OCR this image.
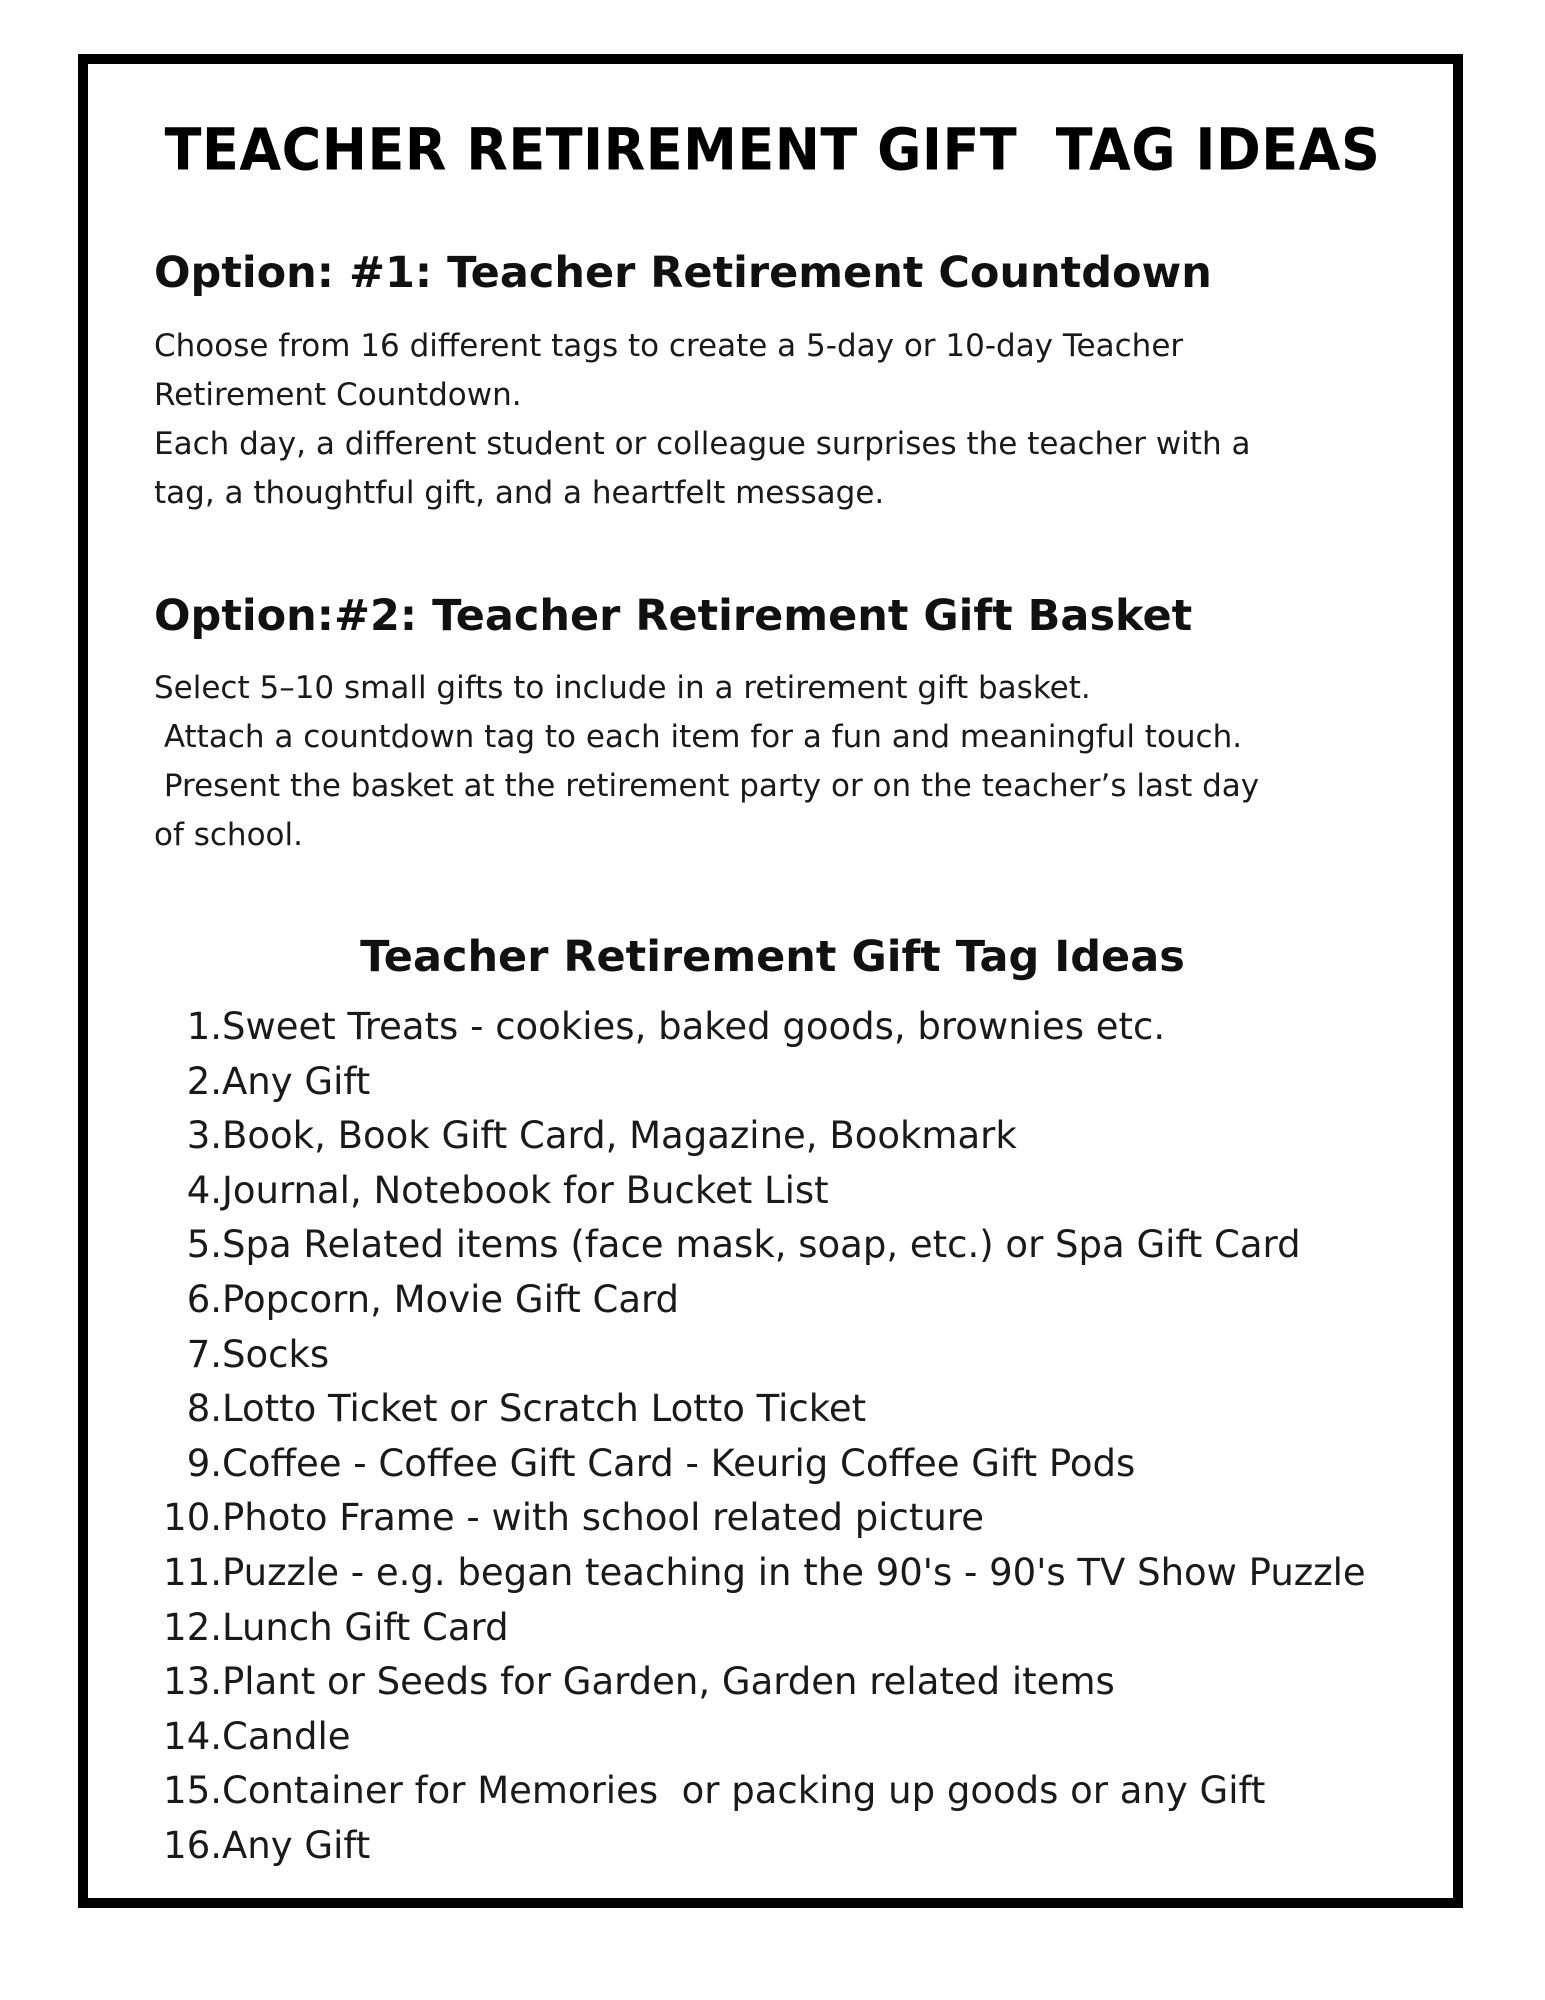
TEACHER RETIREMENT GIFT  TAG IDEAS
Option: #1: Teacher Retirement Countdown
Choose from 16 different tags to create a 5-day or 10-day Teacher
Retirement Countdown.
Each day, a different student or colleague surprises the teacher with a
tag, a thoughtful gift, and a heartfelt message.
Option:#2: Teacher Retirement Gift Basket
Select 5–10 small gifts to include in a retirement gift basket.
Attach a countdown tag to each item for a fun and meaningful touch.
Present the basket at the retirement party or on the teacher’s last day
of school.
Teacher Retirement Gift Tag Ideas
1. Sweet Treats - cookies, baked goods, brownies etc.
2. Any Gift
3. Book, Book Gift Card, Magazine, Bookmark
4. Journal, Notebook for Bucket List
5. Spa Related items (face mask, soap, etc.) or Spa Gift Card
6. Popcorn, Movie Gift Card
7. Socks
8. Lotto Ticket or Scratch Lotto Ticket
9. Coffee - Coffee Gift Card - Keurig Coffee Gift Pods
10. Photo Frame - with school related picture
11. Puzzle - e.g. began teaching in the 90's - 90's TV Show Puzzle
12. Lunch Gift Card
13. Plant or Seeds for Garden, Garden related items
14. Candle
15. Container for Memories  or packing up goods or any Gift
16. Any Gift
